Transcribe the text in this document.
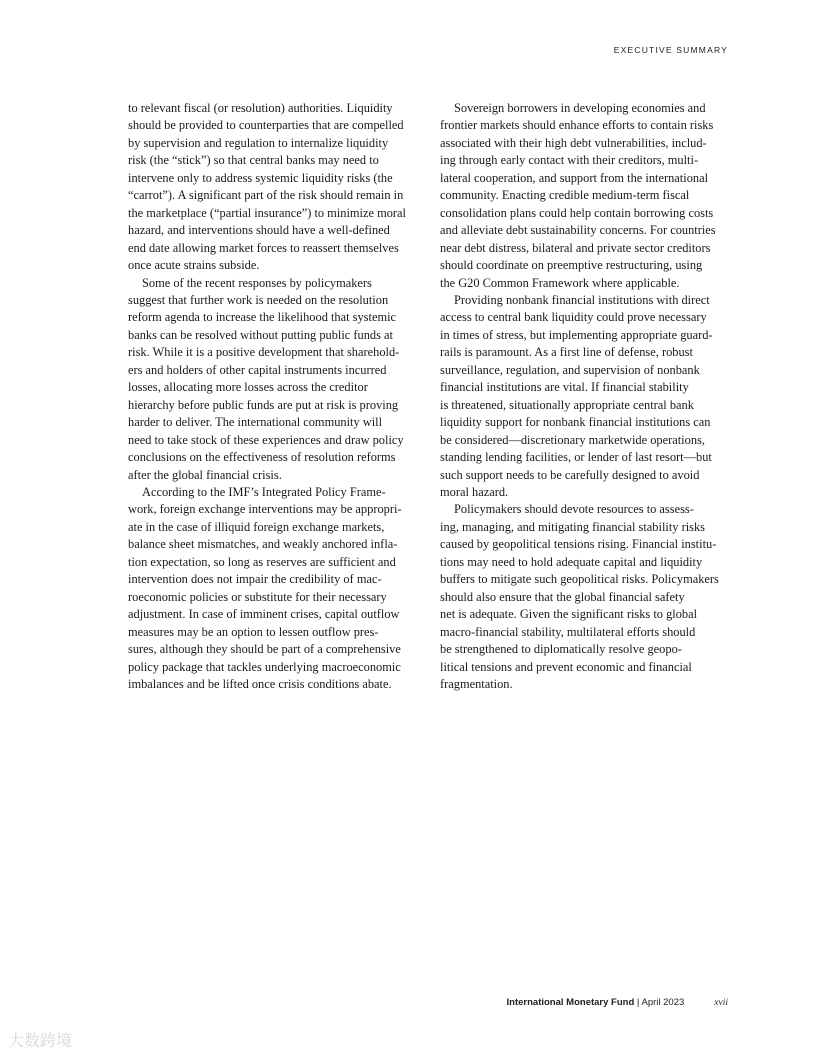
EXECUTIVE SUMMARY
to relevant fiscal (or resolution) authorities. Liquidity
should be provided to counterparties that are compelled
by supervision and regulation to internalize liquidity
risk (the “stick”) so that central banks may need to
intervene only to address systemic liquidity risks (the
“carrot”). A significant part of the risk should remain in
the marketplace (“partial insurance”) to minimize moral
hazard, and interventions should have a well-defined
end date allowing market forces to reassert themselves
once acute strains subside.
Some of the recent responses by policymakers
suggest that further work is needed on the resolution
reform agenda to increase the likelihood that systemic
banks can be resolved without putting public funds at
risk. While it is a positive development that sharehold-
ers and holders of other capital instruments incurred
losses, allocating more losses across the creditor
hierarchy before public funds are put at risk is proving
harder to deliver. The international community will
need to take stock of these experiences and draw policy
conclusions on the effectiveness of resolution reforms
after the global financial crisis.
According to the IMF’s Integrated Policy Frame-
work, foreign exchange interventions may be appropri-
ate in the case of illiquid foreign exchange markets,
balance sheet mismatches, and weakly anchored infla-
tion expectation, so long as reserves are sufficient and
intervention does not impair the credibility of mac-
roeconomic policies or substitute for their necessary
adjustment. In case of imminent crises, capital outflow
measures may be an option to lessen outflow pres-
sures, although they should be part of a comprehensive
policy package that tackles underlying macroeconomic
imbalances and be lifted once crisis conditions abate.
Sovereign borrowers in developing economies and
frontier markets should enhance efforts to contain risks
associated with their high debt vulnerabilities, includ-
ing through early contact with their creditors, multi-
lateral cooperation, and support from the international
community. Enacting credible medium-term fiscal
consolidation plans could help contain borrowing costs
and alleviate debt sustainability concerns. For countries
near debt distress, bilateral and private sector creditors
should coordinate on preemptive restructuring, using
the G20 Common Framework where applicable.
Providing nonbank financial institutions with direct
access to central bank liquidity could prove necessary
in times of stress, but implementing appropriate guard-
rails is paramount. As a first line of defense, robust
surveillance, regulation, and supervision of nonbank
financial institutions are vital. If financial stability
is threatened, situationally appropriate central bank
liquidity support for nonbank financial institutions can
be considered—discretionary marketwide operations,
standing lending facilities, or lender of last resort—but
such support needs to be carefully designed to avoid
moral hazard.
Policymakers should devote resources to assess-
ing, managing, and mitigating financial stability risks
caused by geopolitical tensions rising. Financial institu-
tions may need to hold adequate capital and liquidity
buffers to mitigate such geopolitical risks. Policymakers
should also ensure that the global financial safety
net is adequate. Given the significant risks to global
macro-financial stability, multilateral efforts should
be strengthened to diplomatically resolve geopo-
litical tensions and prevent economic and financial
fragmentation.
International Monetary Fund | April 2023	xvii
大数跨境
